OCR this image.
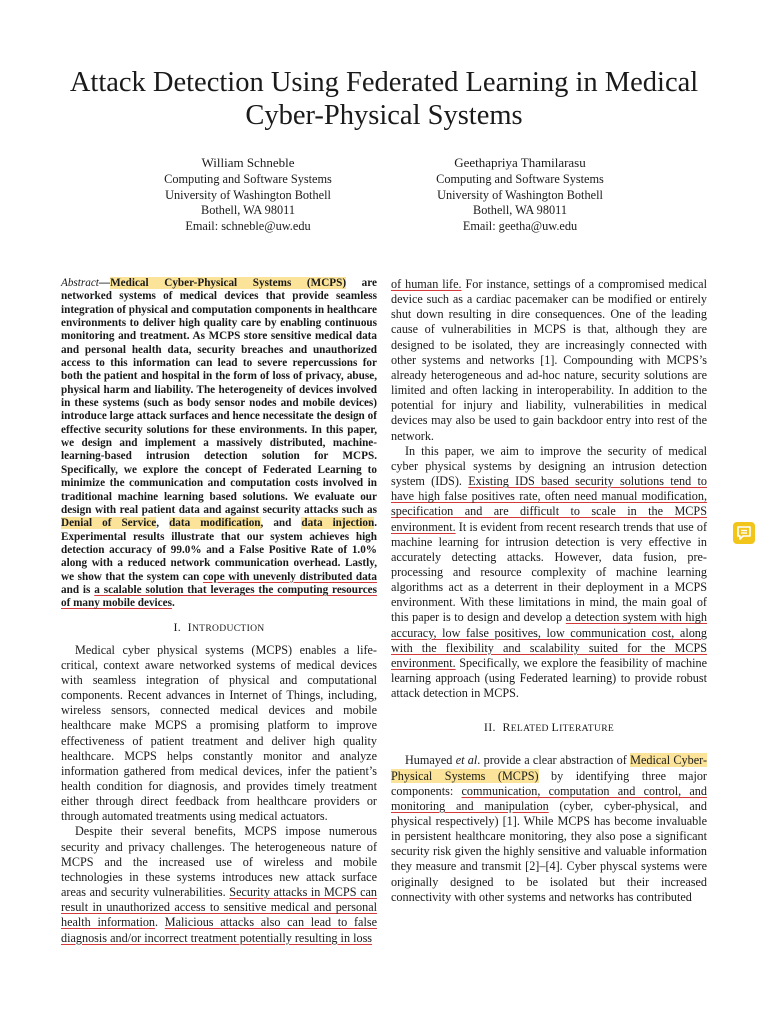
Attack Detection Using Federated Learning in Medical Cyber-Physical Systems
William Schneble
Computing and Software Systems
University of Washington Bothell
Bothell, WA 98011
Email: schneble@uw.edu
Geethapriya Thamilarasu
Computing and Software Systems
University of Washington Bothell
Bothell, WA 98011
Email: geetha@uw.edu

Abstract—Medical Cyber-Physical Systems (MCPS) are networked systems of medical devices that provide seamless integration of physical and computation components in healthcare environments to deliver high quality care by enabling continuous monitoring and treatment. As MCPS store sensitive medical data and personal health data, security breaches and unauthorized access to this information can lead to severe repercussions for both the patient and hospital in the form of loss of privacy, abuse, physical harm and liability. The heterogeneity of devices involved in these systems (such as body sensor nodes and mobile devices) introduce large attack surfaces and hence necessitate the design of effective security solutions for these environments. In this paper, we design and implement a massively distributed, machine-learning-based intrusion detection solution for MCPS. Specifically, we explore the concept of Federated Learning to minimize the communication and computation costs involved in traditional machine learning based solutions. We evaluate our design with real patient data and against security attacks such as Denial of Service, data modification, and data injection. Experimental results illustrate that our system achieves high detection accuracy of 99.0% and a False Positive Rate of 1.0% along with a reduced network communication overhead. Lastly, we show that the system can cope with unevenly distributed data and is a scalable solution that leverages the computing resources of many mobile devices.

I. INTRODUCTION

Medical cyber physical systems (MCPS) enables a life-critical, context aware networked systems of medical devices with seamless integration of physical and computational components. Recent advances in Internet of Things, including, wireless sensors, connected medical devices and mobile healthcare make MCPS a promising platform to improve effectiveness of patient treatment and deliver high quality healthcare. MCPS helps constantly monitor and analyze information gathered from medical devices, infer the patient’s health condition for diagnosis, and provides timely treatment either through direct feedback from healthcare providers or through automated treatments using medical actuators.

Despite their several benefits, MCPS impose numerous security and privacy challenges. The heterogeneous nature of MCPS and the increased use of wireless and mobile technologies in these systems introduces new attack surface areas and security vulnerabilities. Security attacks in MCPS can result in unauthorized access to sensitive medical and personal health information. Malicious attacks also can lead to false diagnosis and/or incorrect treatment potentially resulting in loss

of human life. For instance, settings of a compromised medical device such as a cardiac pacemaker can be modified or entirely shut down resulting in dire consequences. One of the leading cause of vulnerabilities in MCPS is that, although they are designed to be isolated, they are increasingly connected with other systems and networks [1]. Compounding with MCPS’s already heterogeneous and ad-hoc nature, security solutions are limited and often lacking in interoperability. In addition to the potential for injury and liability, vulnerabilities in medical devices may also be used to gain backdoor entry into rest of the network.

In this paper, we aim to improve the security of medical cyber physical systems by designing an intrusion detection system (IDS). Existing IDS based security solutions tend to have high false positives rate, often need manual modification, specification and are difficult to scale in the MCPS environment. It is evident from recent research trends that use of machine learning for intrusion detection is very effective in accurately detecting attacks. However, data fusion, pre-processing and resource complexity of machine learning algorithms act as a deterrent in their deployment in a MCPS environment. With these limitations in mind, the main goal of this paper is to design and develop a detection system with high accuracy, low false positives, low communication cost, along with the flexibility and scalability suited for the MCPS environment. Specifically, we explore the feasibility of machine learning approach (using Federated learning) to provide robust attack detection in MCPS.

II. RELATED LITERATURE

Humayed et al. provide a clear abstraction of Medical Cyber-Physical Systems (MCPS) by identifying three major components: communication, computation and control, and monitoring and manipulation (cyber, cyber-physical, and physical respectively) [1]. While MCPS has become invaluable in persistent healthcare monitoring, they also pose a significant security risk given the highly sensitive and valuable information they measure and transmit [2]–[4]. Cyber physcal systems were originally designed to be isolated but their increased connectivity with other systems and networks has contributed
